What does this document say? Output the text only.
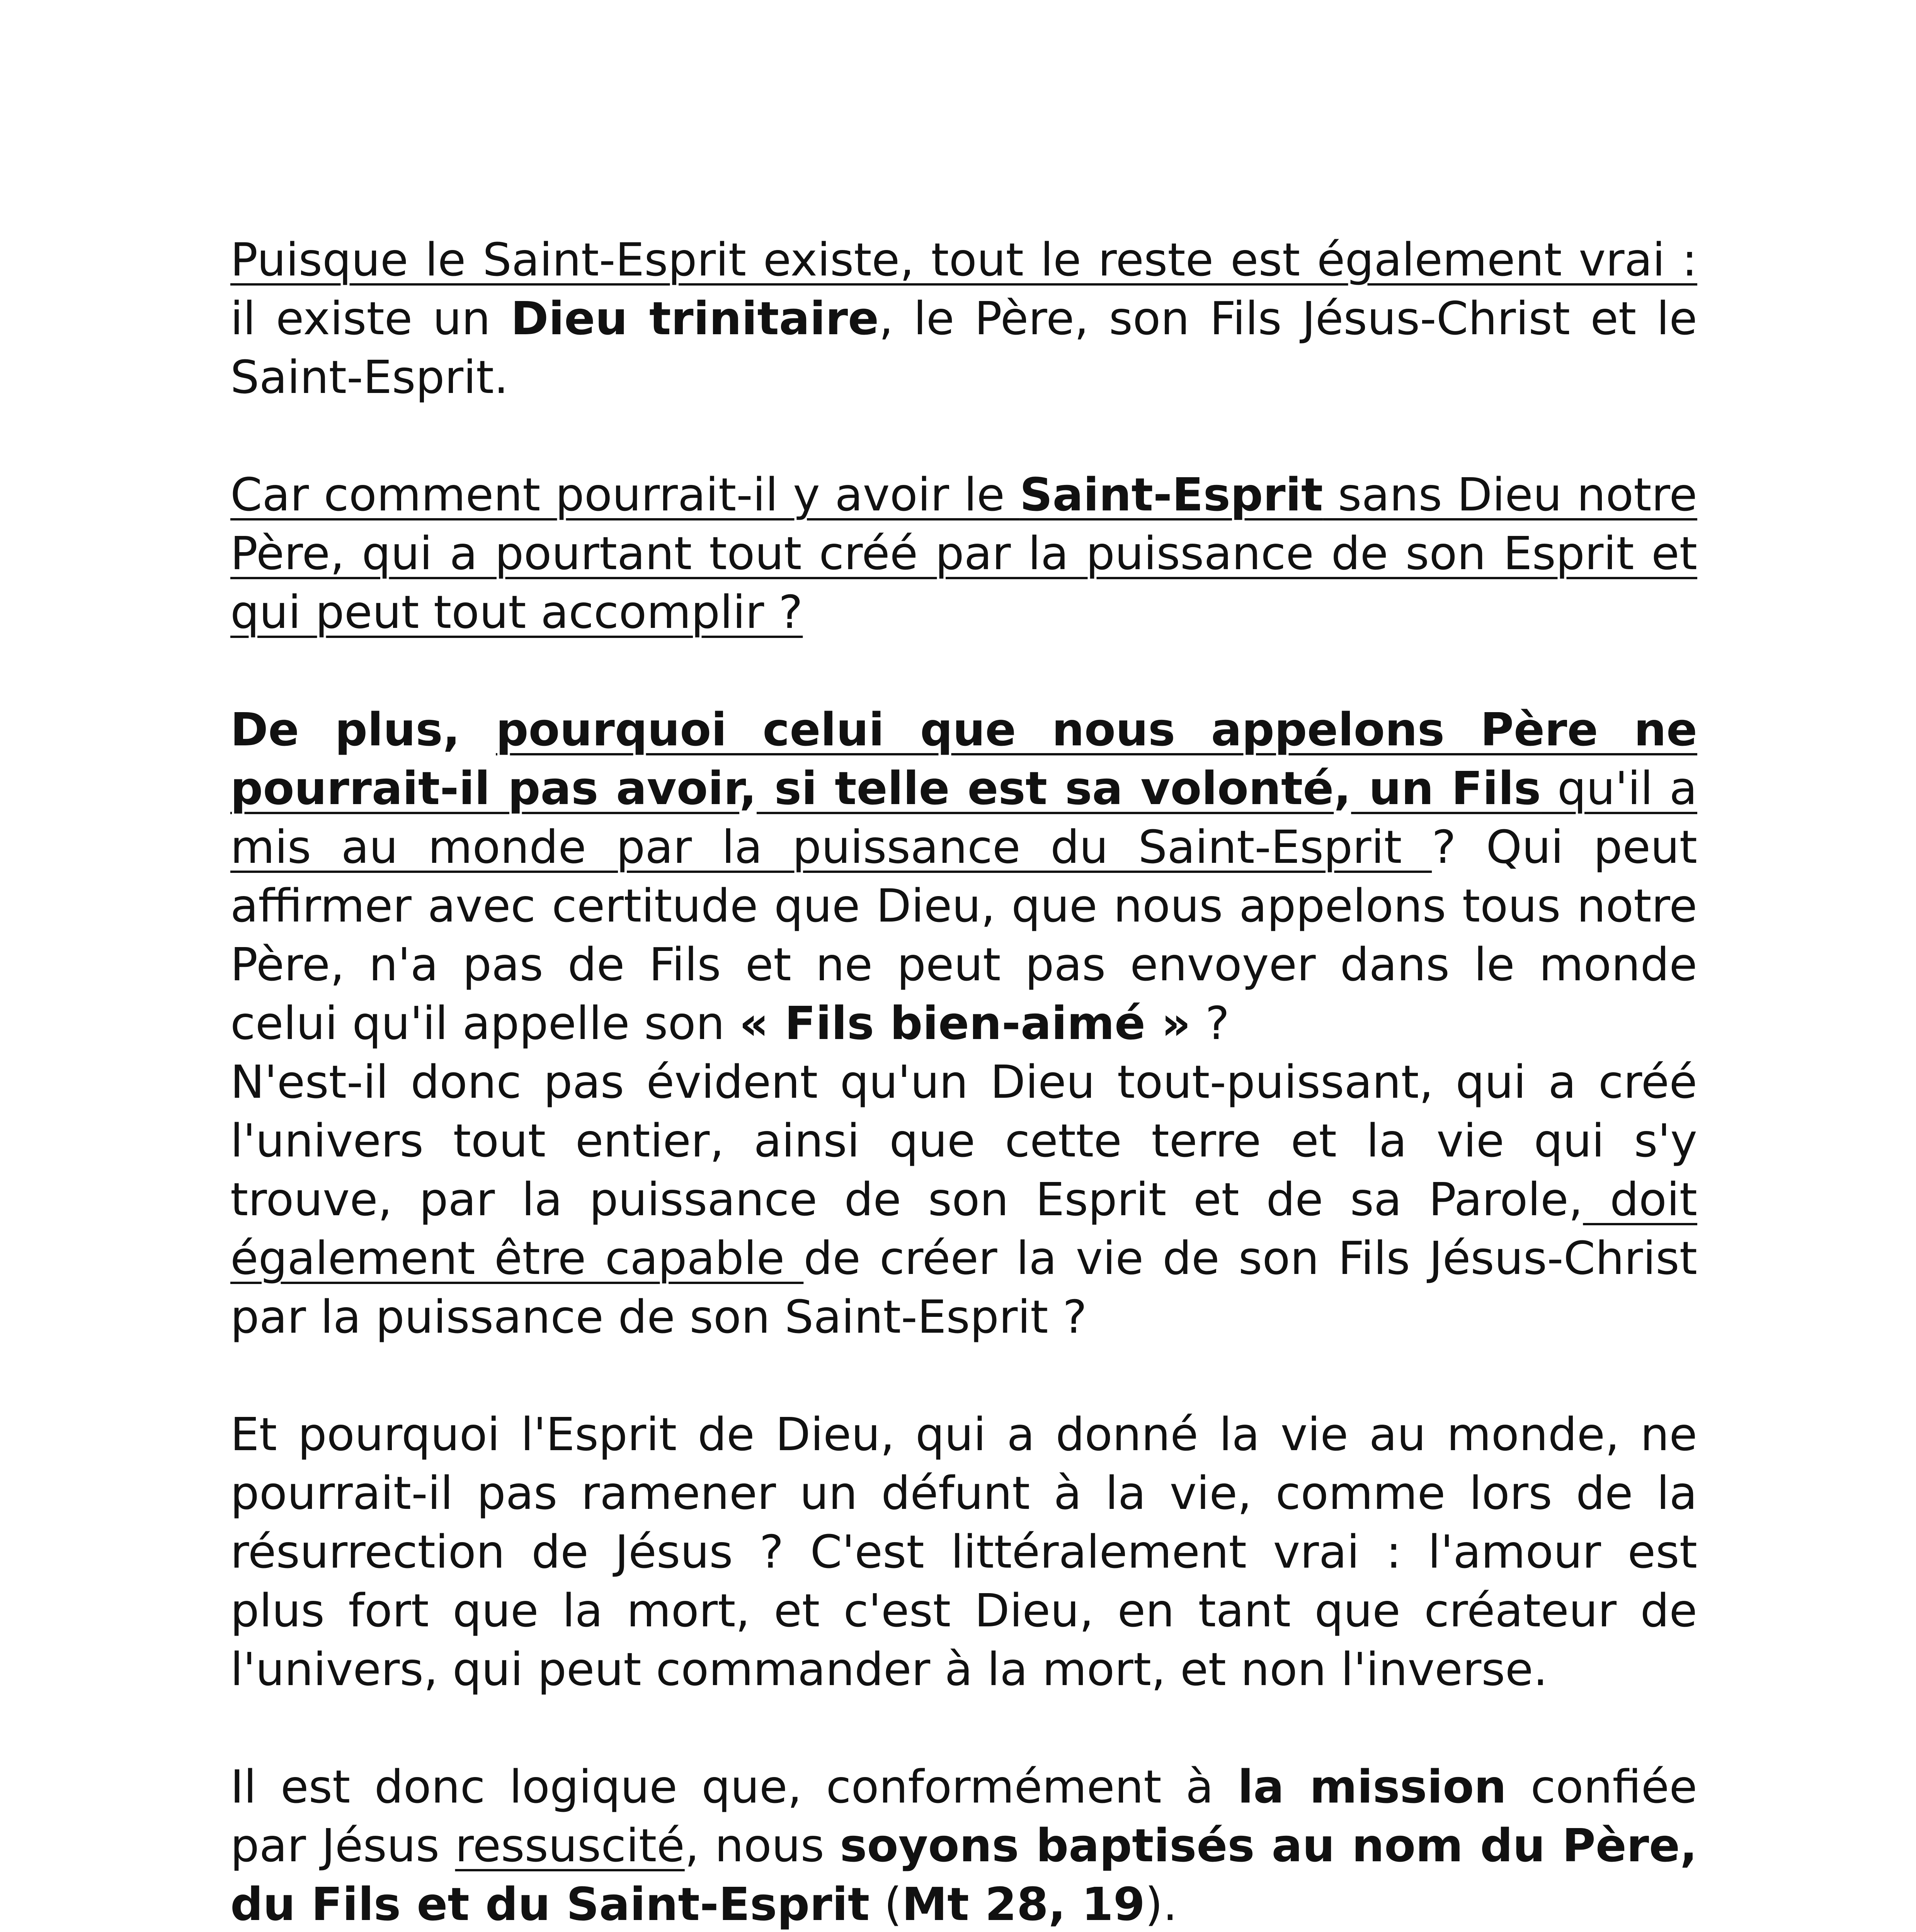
Puisque le Saint-Esprit existe, tout le reste est également vrai : il existe un Dieu trinitaire, le Père, son Fils Jésus-Christ et le Saint-Esprit.

Car comment pourrait-il y avoir le Saint-Esprit sans Dieu notre Père, qui a pourtant tout créé par la puissance de son Esprit et qui peut tout accomplir ?

De plus, pourquoi celui que nous appelons Père ne pourrait-il pas avoir, si telle est sa volonté, un Fils qu'il a mis au monde par la puissance du Saint-Esprit ? Qui peut affirmer avec certitude que Dieu, que nous appelons tous notre Père, n'a pas de Fils et ne peut pas envoyer dans le monde celui qu'il appelle son « Fils bien-aimé » ?

N'est-il donc pas évident qu'un Dieu tout-puissant, qui a créé l'univers tout entier, ainsi que cette terre et la vie qui s'y trouve, par la puissance de son Esprit et de sa Parole, doit également être capable de créer la vie de son Fils Jésus-Christ par la puissance de son Saint-Esprit ?

Et pourquoi l'Esprit de Dieu, qui a donné la vie au monde, ne pourrait-il pas ramener un défunt à la vie, comme lors de la résurrection de Jésus ? C'est littéralement vrai : l'amour est plus fort que la mort, et c'est Dieu, en tant que créateur de l'univers, qui peut commander à la mort, et non l'inverse.

Il est donc logique que, conformément à la mission confiée par Jésus ressuscité, nous soyons baptisés au nom du Père, du Fils et du Saint-Esprit (Mt 28, 19).
